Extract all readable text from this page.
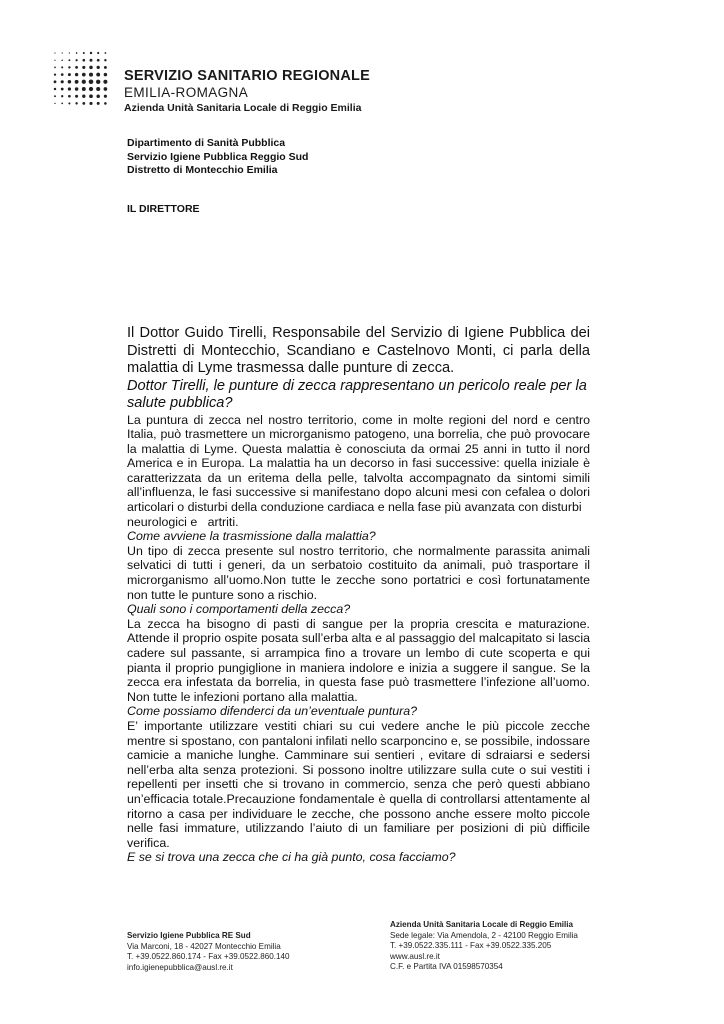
SERVIZIO SANITARIO REGIONALE
EMILIA-ROMAGNA
Azienda Unità Sanitaria Locale di Reggio Emilia
Dipartimento di Sanità Pubblica
Servizio Igiene Pubblica Reggio Sud
Distretto di Montecchio Emilia
IL DIRETTORE

Il Dottor Guido Tirelli, Responsabile del Servizio di Igiene Pubblica dei Distretti di Montecchio, Scandiano e Castelnovo Monti, ci parla della malattia di Lyme trasmessa dalle punture di zecca.

Dottor Tirelli, le punture di zecca rappresentano un pericolo reale per la salute pubblica?

La puntura di zecca nel nostro territorio, come in molte regioni del nord e centro Italia, può trasmettere un microrganismo patogeno, una borrelia, che può provocare la malattia di Lyme. Questa malattia è conosciuta da ormai 25 anni in tutto il nord America e in Europa. La malattia ha un decorso in fasi successive: quella iniziale è caratterizzata da un eritema della pelle, talvolta accompagnato da sintomi simili all’influenza, le fasi successive si manifestano dopo alcuni mesi con cefalea o dolori articolari o disturbi della conduzione cardiaca e nella fase più avanzata con disturbi

neurologici e   artriti.

Come avviene la trasmissione dalla malattia?

Un tipo di zecca presente sul nostro territorio, che normalmente parassita animali selvatici di tutti i generi, da un serbatoio costituito da animali, può trasportare il microrganismo all’uomo.Non tutte le zecche sono portatrici e così fortunatamente non tutte le punture sono a rischio.

Quali sono i comportamenti della zecca?

La zecca ha bisogno di pasti di sangue per la propria crescita e maturazione. Attende il proprio ospite posata sull’erba alta e al passaggio del malcapitato si lascia cadere sul passante, si arrampica fino a trovare un lembo di cute scoperta e qui pianta il proprio pungiglione in maniera indolore e inizia a suggere il sangue. Se la zecca era infestata da borrelia, in questa fase può trasmettere l’infezione all’uomo. Non tutte le infezioni portano alla malattia.

Come possiamo difenderci da un’eventuale puntura?

E’ importante utilizzare vestiti chiari su cui vedere anche le più piccole zecche mentre si spostano, con pantaloni infilati nello scarponcino e, se possibile, indossare camicie a maniche lunghe. Camminare sui sentieri , evitare di sdraiarsi e sedersi nell’erba alta senza protezioni. Si possono inoltre utilizzare sulla cute o sui vestiti i repellenti per insetti che si trovano in commercio, senza che però questi abbiano un’efficacia totale.Precauzione fondamentale è quella di controllarsi attentamente al ritorno a casa per individuare le zecche, che possono anche essere molto piccole nelle fasi immature, utilizzando l’aiuto di un familiare per posizioni di più difficile verifica.

E se si trova una zecca che ci ha già punto, cosa facciamo?

Servizio Igiene Pubblica RE Sud
Via Marconi, 18 - 42027 Montecchio Emilia
T. +39.0522.860.174 - Fax +39.0522.860.140
info.igienepubblica@ausl.re.it
Azienda Unità Sanitaria Locale di Reggio Emilia
Sede legale: Via Amendola, 2 - 42100 Reggio Emilia
T. +39.0522.335.111 - Fax +39.0522.335.205
www.ausl.re.it
C.F. e Partita IVA 01598570354
